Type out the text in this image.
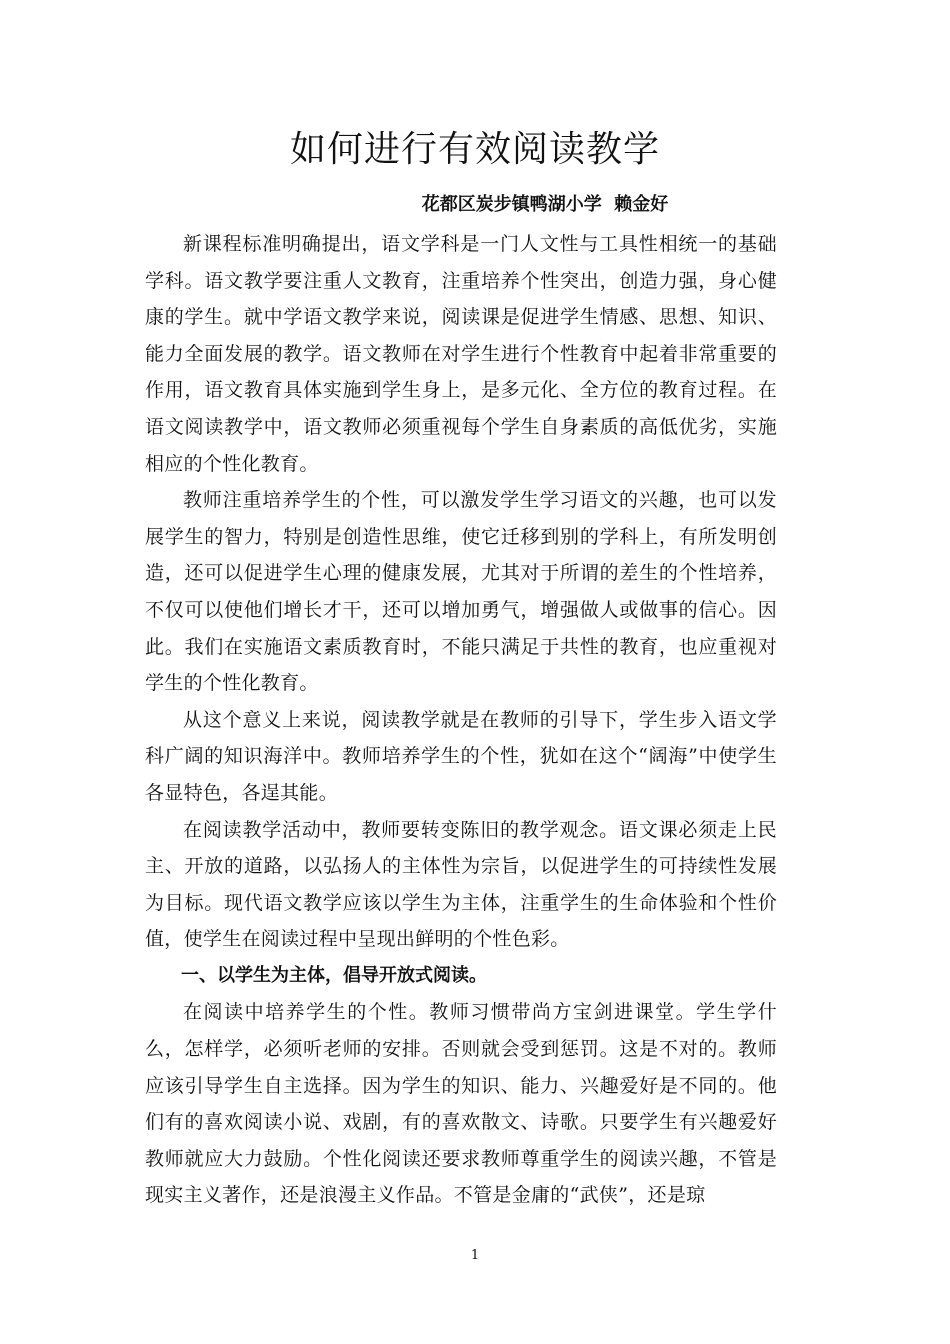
如何进行有效阅读教学
花都区炭步镇鸭湖小学  赖金好

新课程标准明确提出，语文学科是一门人文性与工具性相统一的基础学科。语文教学要注重人文教育，注重培养个性突出，创造力强，身心健康的学生。就中学语文教学来说，阅读课是促进学生情感、思想、知识、能力全面发展的教学。语文教师在对学生进行个性教育中起着非常重要的作用，语文教育具体实施到学生身上，是多元化、全方位的教育过程。在语文阅读教学中，语文教师必须重视每个学生自身素质的高低优劣，实施相应的个性化教育。

教师注重培养学生的个性，可以激发学生学习语文的兴趣，也可以发展学生的智力，特别是创造性思维，使它迁移到别的学科上，有所发明创造，还可以促进学生心理的健康发展，尤其对于所谓的差生的个性培养，不仅可以使他们增长才干，还可以增加勇气，增强做人或做事的信心。因此。我们在实施语文素质教育时，不能只满足于共性的教育，也应重视对学生的个性化教育。

从这个意义上来说，阅读教学就是在教师的引导下，学生步入语文学科广阔的知识海洋中。教师培养学生的个性，犹如在这个“阔海”中使学生各显特色，各逞其能。

在阅读教学活动中，教师要转变陈旧的教学观念。语文课必须走上民主、开放的道路，以弘扬人的主体性为宗旨，以促进学生的可持续性发展为目标。现代语文教学应该以学生为主体，注重学生的生命体验和个性价值，使学生在阅读过程中呈现出鲜明的个性色彩。

一、以学生为主体，倡导开放式阅读。

在阅读中培养学生的个性。教师习惯带尚方宝剑进课堂。学生学什么，怎样学，必须听老师的安排。否则就会受到惩罚。这是不对的。教师应该引导学生自主选择。因为学生的知识、能力、兴趣爱好是不同的。他们有的喜欢阅读小说、戏剧，有的喜欢散文、诗歌。只要学生有兴趣爱好教师就应大力鼓励。个性化阅读还要求教师尊重学生的阅读兴趣，不管是现实主义著作，还是浪漫主义作品。不管是金庸的“武侠”，还是琼

1
